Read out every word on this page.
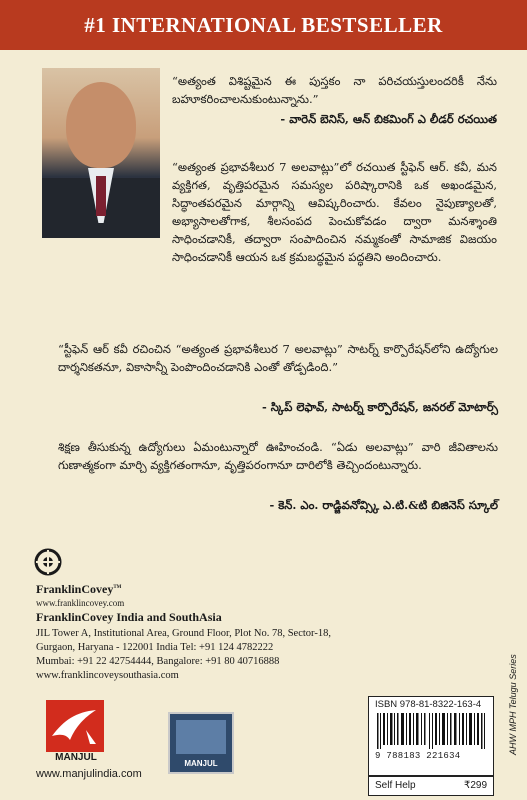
#1 INTERNATIONAL BESTSELLER
“అత్యంత విశిష్టమైన ఈ పుస్తకం నా పరిచయస్తులందరికీ నేను బహూకరించాలనుకుంటున్నాను.”
- వారెన్ బెనిస్, ఆన్ బికమింగ్ ఎ లీడర్ రచయిత
“అత్యంత ప్రభావశీలుర 7 అలవాట్లు”లో రచయిత స్టీఫెన్ ఆర్. కవీ, మన వ్యక్తిగత, వృత్తిపరమైన సమస్యల పరిష్కారానికి ఒక అఖండమైన, సిద్ధాంతపరమైన మార్గాన్ని ఆవిష్కరించారు. కేవలం నైపుణ్యాలతో, అభ్యాసాలతోగాక, శీలసంపద పెంచుకోవడం ద్వారా మనశ్శాంతి సాధించడానికీ, తద్వారా సంపాదించిన నమ్మకంతో సామాజిక విజయం సాధించడానికీ ఆయన ఒక క్రమబద్ధమైన పద్ధతిని అందించారు.
“స్టీఫెన్ ఆర్ కవీ రచించిన “అత్యంత ప్రభావశీలుర 7 అలవాట్లు” సాటర్న్ కార్పొరేషన్‌లోని ఉద్యోగుల దార్శనికతనూ, వికాసాన్నీ పెంపొందించడానికి ఎంతో తోడ్పడింది.”
- స్కిప్ లెఫావ్, సాటర్న్ కార్పొరేషన్, జనరల్ మోటార్స్
శిక్షణ తీసుకున్న ఉద్యోగులు ఏమంటున్నారో ఊహించండి. “ఏడు అలవాట్లు” వారి జీవితాలను గుణాత్మకంగా మార్చి వ్యక్తిగతంగానూ, వృత్తిపరంగానూ దారిలోకి తెచ్చిందంటున్నారు.
- కెన్. ఎం. రాడ్జివనోవ్స్కి ఎ.టి.&టి బిజినెస్ స్కూల్
FranklinCovey™
www.franklincovey.com
FranklinCovey India and SouthAsia
JIL Tower A, Institutional Area, Ground Floor, Plot No. 78, Sector-18,
Gurgaon, Haryana - 122001 India Tel: +91 124 4782222
Mumbai: +91 22 42754444, Bangalore: +91 80 40716888
www.franklincoveysouthasia.com
MANJUL
www.manjulindia.com
MANJUL
ISBN 978-81-8322-163-4
9 788183 221634
Self Help	₹299
AHW MPH Telugu Series
